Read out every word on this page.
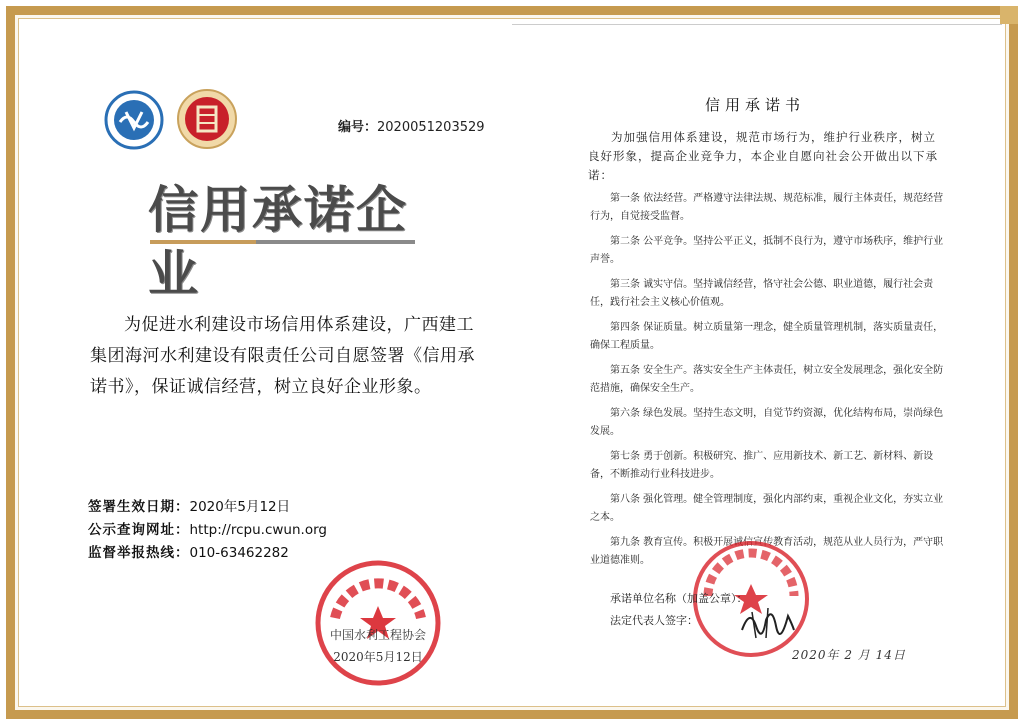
编号：2020051203529
信用承诺企业
为促进水利建设市场信用体系建设，广西建工集团海河水利建设有限责任公司自愿签署《信用承诺书》，保证诚信经营，树立良好企业形象。
签署生效日期：2020年5月12日
公示查询网址：http://rcpu.cwun.org
监督举报热线：010-63462282
中国水利工程协会
2020年5月12日
信用承诺书
为加强信用体系建设，规范市场行为，维护行业秩序，树立良好形象，提高企业竞争力，本企业自愿向社会公开做出以下承诺：
第一条 依法经营。严格遵守法律法规、规范标准，履行主体责任，规范经营行为，自觉接受监督。
第二条 公平竞争。坚持公平正义，抵制不良行为，遵守市场秩序，维护行业声誉。
第三条 诚实守信。坚持诚信经营，恪守社会公德、职业道德，履行社会责任，践行社会主义核心价值观。
第四条 保证质量。树立质量第一理念，健全质量管理机制，落实质量责任，确保工程质量。
第五条 安全生产。落实安全生产主体责任，树立安全发展理念，强化安全防范措施，确保安全生产。
第六条 绿色发展。坚持生态文明，自觉节约资源，优化结构布局，崇尚绿色发展。
第七条 勇于创新。积极研究、推广、应用新技术、新工艺、新材料、新设备，不断推动行业科技进步。
第八条 强化管理。健全管理制度，强化内部约束，重视企业文化，夯实立业之本。
第九条 教育宣传。积极开展诚信宣传教育活动，规范从业人员行为，严守职业道德准则。
承诺单位名称（加盖公章）：
法定代表人签字：
2020年 2 月 14日
